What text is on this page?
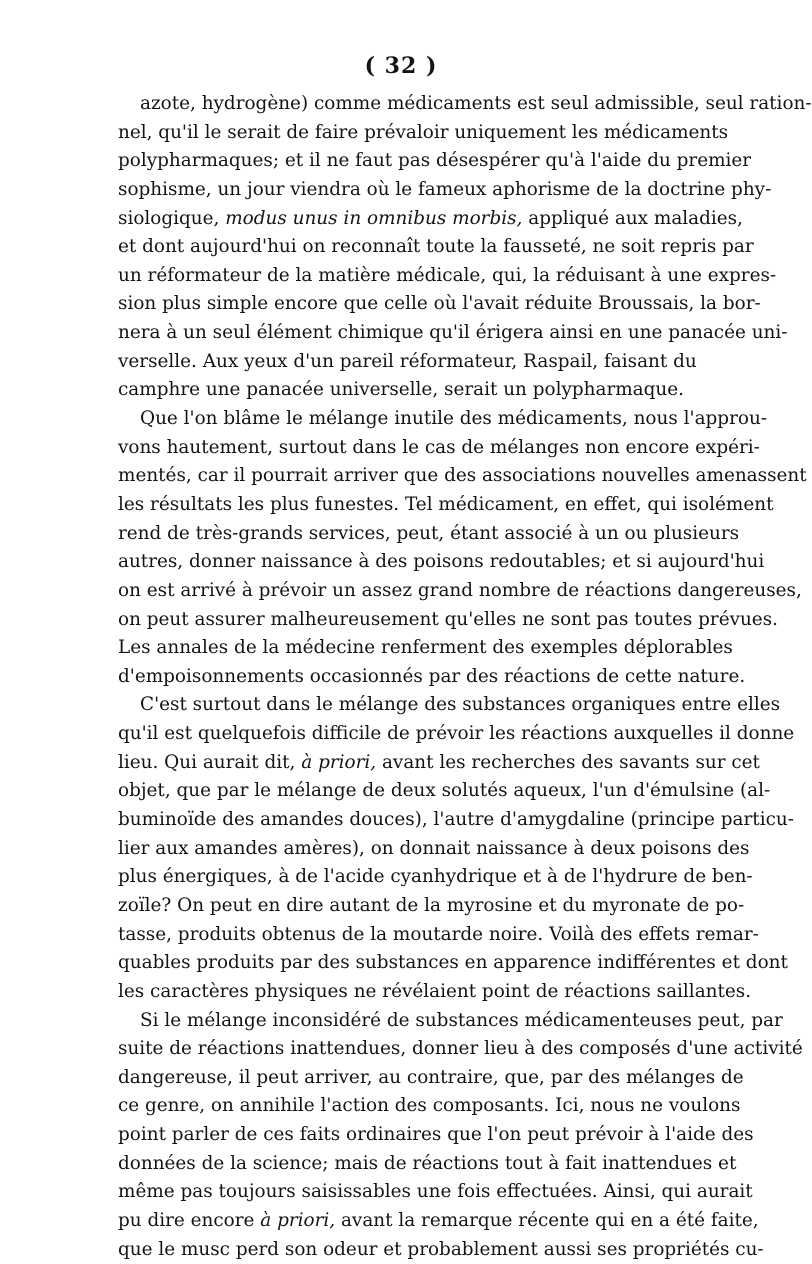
( 32 )
azote, hydrogène) comme médicaments est seul admissible, seul ration-
nel, qu'il le serait de faire prévaloir uniquement les médicaments
polypharmaques; et il ne faut pas désespérer qu'à l'aide du premier
sophisme, un jour viendra où le fameux aphorisme de la doctrine phy-
siologique, modus unus in omnibus morbis, appliqué aux maladies,
et dont aujourd'hui on reconnaît toute la fausseté, ne soit repris par
un réformateur de la matière médicale, qui, la réduisant à une expres-
sion plus simple encore que celle où l'avait réduite Broussais, la bor-
nera à un seul élément chimique qu'il érigera ainsi en une panacée uni-
verselle. Aux yeux d'un pareil réformateur, Raspail, faisant du
camphre une panacée universelle, serait un polypharmaque.
Que l'on blâme le mélange inutile des médicaments, nous l'approu-
vons hautement, surtout dans le cas de mélanges non encore expéri-
mentés, car il pourrait arriver que des associations nouvelles amenassent
les résultats les plus funestes. Tel médicament, en effet, qui isolément
rend de très-grands services, peut, étant associé à un ou plusieurs
autres, donner naissance à des poisons redoutables; et si aujourd'hui
on est arrivé à prévoir un assez grand nombre de réactions dangereuses,
on peut assurer malheureusement qu'elles ne sont pas toutes prévues.
Les annales de la médecine renferment des exemples déplorables
d'empoisonnements occasionnés par des réactions de cette nature.
C'est surtout dans le mélange des substances organiques entre elles
qu'il est quelquefois difficile de prévoir les réactions auxquelles il donne
lieu. Qui aurait dit, à priori, avant les recherches des savants sur cet
objet, que par le mélange de deux solutés aqueux, l'un d'émulsine (al-
buminoïde des amandes douces), l'autre d'amygdaline (principe particu-
lier aux amandes amères), on donnait naissance à deux poisons des
plus énergiques, à de l'acide cyanhydrique et à de l'hydrure de ben-
zoïle? On peut en dire autant de la myrosine et du myronate de po-
tasse, produits obtenus de la moutarde noire. Voilà des effets remar-
quables produits par des substances en apparence indifférentes et dont
les caractères physiques ne révélaient point de réactions saillantes.
Si le mélange inconsidéré de substances médicamenteuses peut, par
suite de réactions inattendues, donner lieu à des composés d'une activité
dangereuse, il peut arriver, au contraire, que, par des mélanges de
ce genre, on annihile l'action des composants. Ici, nous ne voulons
point parler de ces faits ordinaires que l'on peut prévoir à l'aide des
données de la science; mais de réactions tout à fait inattendues et
même pas toujours saisissables une fois effectuées. Ainsi, qui aurait
pu dire encore à priori, avant la remarque récente qui en a été faite,
que le musc perd son odeur et probablement aussi ses propriétés cu-
